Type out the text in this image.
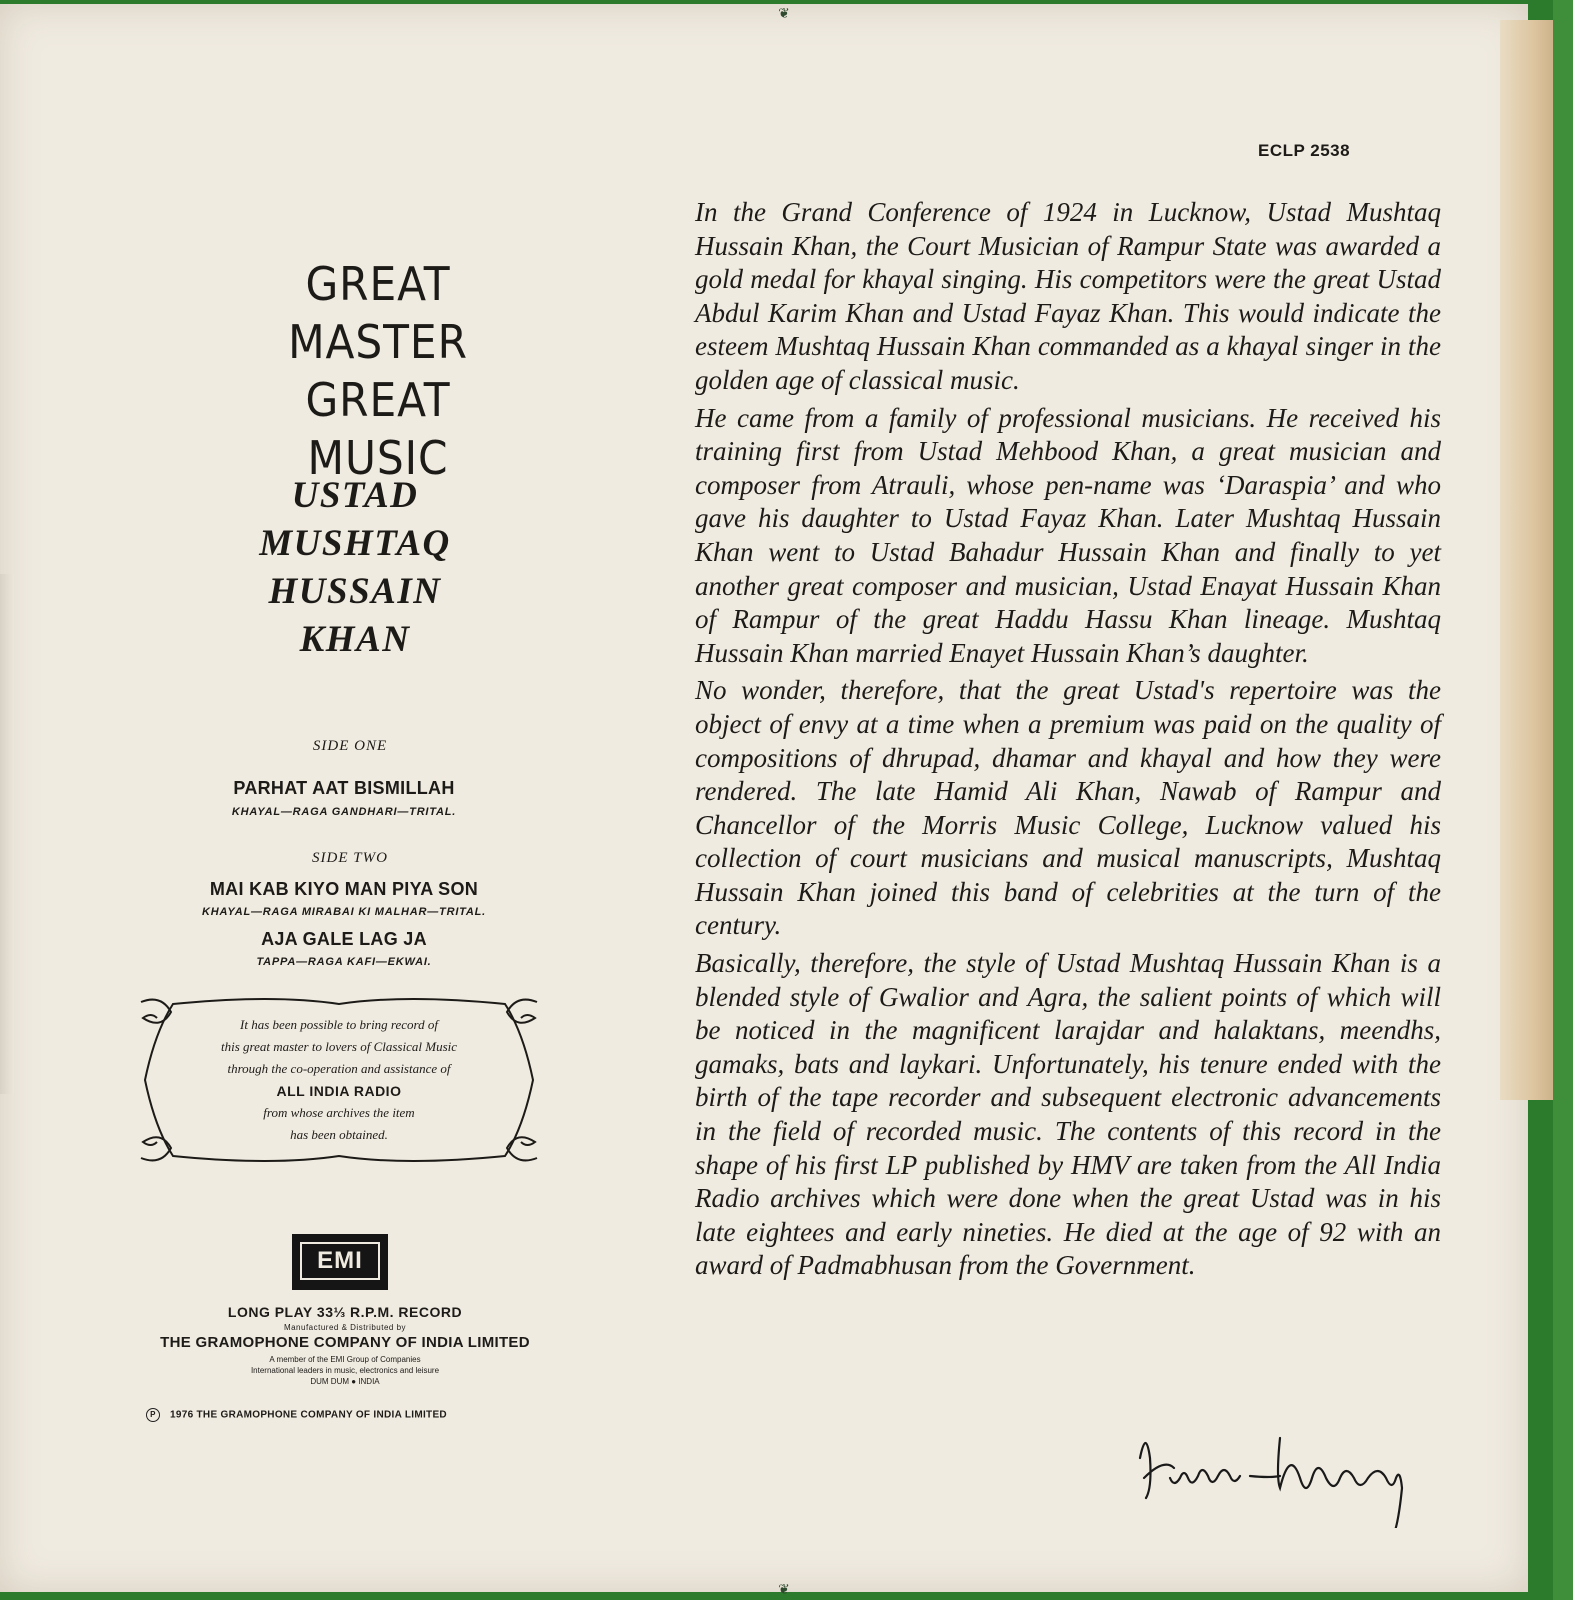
❦
❦
ECLP 2538
GREAT MASTER
GREAT MUSIC
USTAD
MUSHTAQ
HUSSAIN
KHAN
SIDE ONE
PARHAT AAT BISMILLAH
KHAYAL—RAGA GANDHARI—TRITAL.
SIDE TWO
MAI KAB KIYO MAN PIYA SON
KHAYAL—RAGA MIRABAI KI MALHAR—TRITAL.
AJA GALE LAG JA
TAPPA—RAGA KAFI—EKWAI.
It has been possible to bring record of
this great master to lovers of Classical Music
through the co-operation and assistance of
ALL INDIA RADIO
from whose archives the item
has been obtained.
EMI
LONG PLAY 33⅓ R.P.M. RECORD
Manufactured & Distributed by
THE GRAMOPHONE COMPANY OF INDIA LIMITED
A member of the EMI Group of Companies
International leaders in music, electronics and leisure
DUM DUM ● INDIA
P 1976 THE GRAMOPHONE COMPANY OF INDIA LIMITED

In the Grand Conference of 1924 in Lucknow, Ustad Mushtaq Hussain Khan, the Court Musician of Rampur State was awarded a gold medal for khayal singing. His competitors were the great Ustad Abdul Karim Khan and Ustad Fayaz Khan. This would indicate the esteem Mushtaq Hussain Khan commanded as a khayal singer in the golden age of classical music.

He came from a family of professional musicians. He received his training first from Ustad Mehbood Khan, a great musician and composer from Atrauli, whose pen-name was ‘Daraspia’ and who gave his daughter to Ustad Fayaz Khan. Later Mushtaq Hussain Khan went to Ustad Bahadur Hussain Khan and finally to yet another great composer and musician, Ustad Enayat Hussain Khan of Rampur of the great Haddu Hassu Khan lineage. Mushtaq Hussain Khan married Enayet Hussain Khan’s daughter.

No wonder, therefore, that the great Ustad's repertoire was the object of envy at a time when a premium was paid on the quality of compositions of dhrupad, dhamar and khayal and how they were rendered. The late Hamid Ali Khan, Nawab of Rampur and Chancellor of the Morris Music College, Lucknow valued his collection of court musicians and musical manuscripts, Mushtaq Hussain Khan joined this band of celebrities at the turn of the century.

Basically, therefore, the style of Ustad Mushtaq Hussain Khan is a blended style of Gwalior and Agra, the salient points of which will be noticed in the magnificent larajdar and halaktans, meendhs, gamaks, bats and laykari. Unfortunately, his tenure ended with the birth of the tape recorder and subsequent electronic advancements in the field of recorded music. The contents of this record in the shape of his first LP published by HMV are taken from the All India Radio archives which were done when the great Ustad was in his late eightees and early nineties. He died at the age of 92 with an award of Padmabhusan from the Government.
